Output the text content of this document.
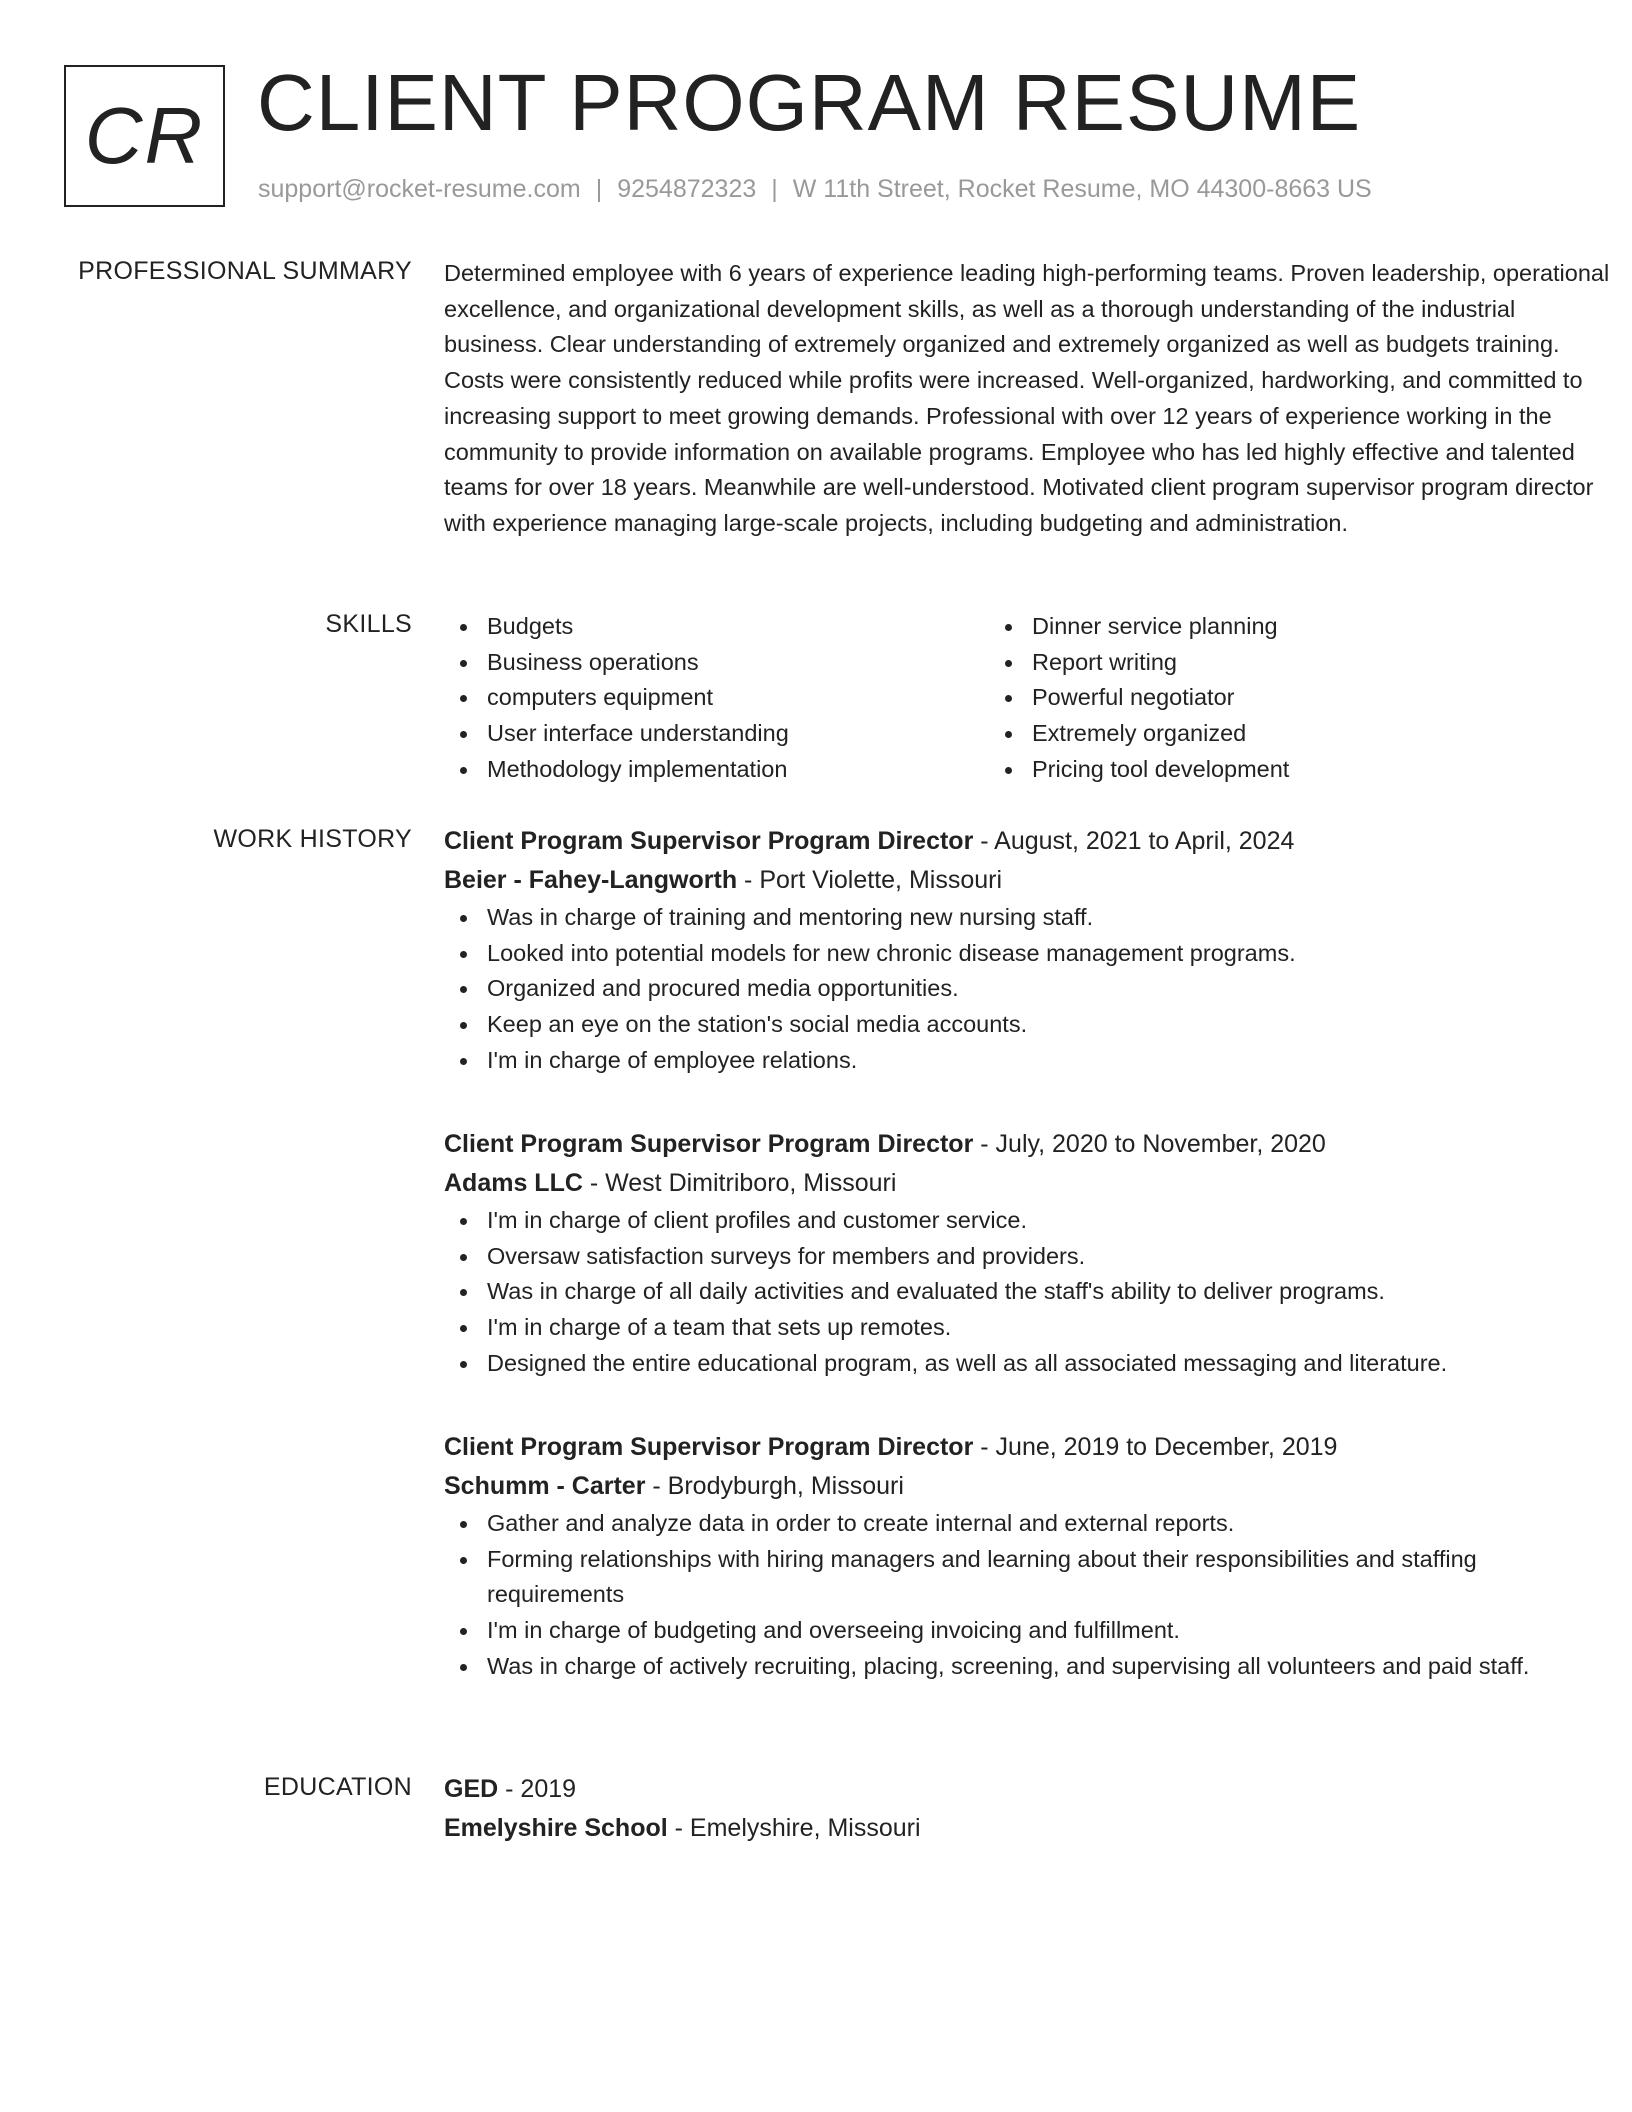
CR CLIENT PROGRAM RESUME
support@rocket-resume.com | 9254872323 | W 11th Street, Rocket Resume, MO 44300-8663 US
PROFESSIONAL SUMMARY Determined employee with 6 years of experience leading high-performing teams. Proven leadership, operational excellence, and organizational development skills, as well as a thorough understanding of the industrial business. Clear understanding of extremely organized and extremely organized as well as budgets training. Costs were consistently reduced while profits were increased. Well-organized, hardworking, and committed to increasing support to meet growing demands. Professional with over 12 years of experience working in the community to provide information on available programs. Employee who has led highly effective and talented teams for over 18 years. Meanwhile are well-understood. Motivated client program supervisor program director with experience managing large-scale projects, including budgeting and administration.

SKILLS	Budgets
Business operations
computers equipment
User interface understanding
Methodology implementation
Dinner service planning
Report writing
Powerful negotiator
Extremely organized
Pricing tool development
WORK HISTORY Client Program Supervisor Program Director - August, 2021 to April, 2024
Beier - Fahey-Langworth - Port Violette, Missouri
Was in charge of training and mentoring new nursing staff.
Looked into potential models for new chronic disease management programs.
Organized and procured media opportunities.
Keep an eye on the station's social media accounts.
I'm in charge of employee relations.
Client Program Supervisor Program Director - July, 2020 to November, 2020
Adams LLC - West Dimitriboro, Missouri
I'm in charge of client profiles and customer service.
Oversaw satisfaction surveys for members and providers.
Was in charge of all daily activities and evaluated the staff's ability to deliver programs.
I'm in charge of a team that sets up remotes.
Designed the entire educational program, as well as all associated messaging and literature.
Client Program Supervisor Program Director - June, 2019 to December, 2019
Schumm - Carter - Brodyburgh, Missouri
Gather and analyze data in order to create internal and external reports.
Forming relationships with hiring managers and learning about their responsibilities and staffing requirements
I'm in charge of budgeting and overseeing invoicing and fulfillment.
Was in charge of actively recruiting, placing, screening, and supervising all volunteers and paid staff.
EDUCATION GED - 2019
Emelyshire School - Emelyshire, Missouri
